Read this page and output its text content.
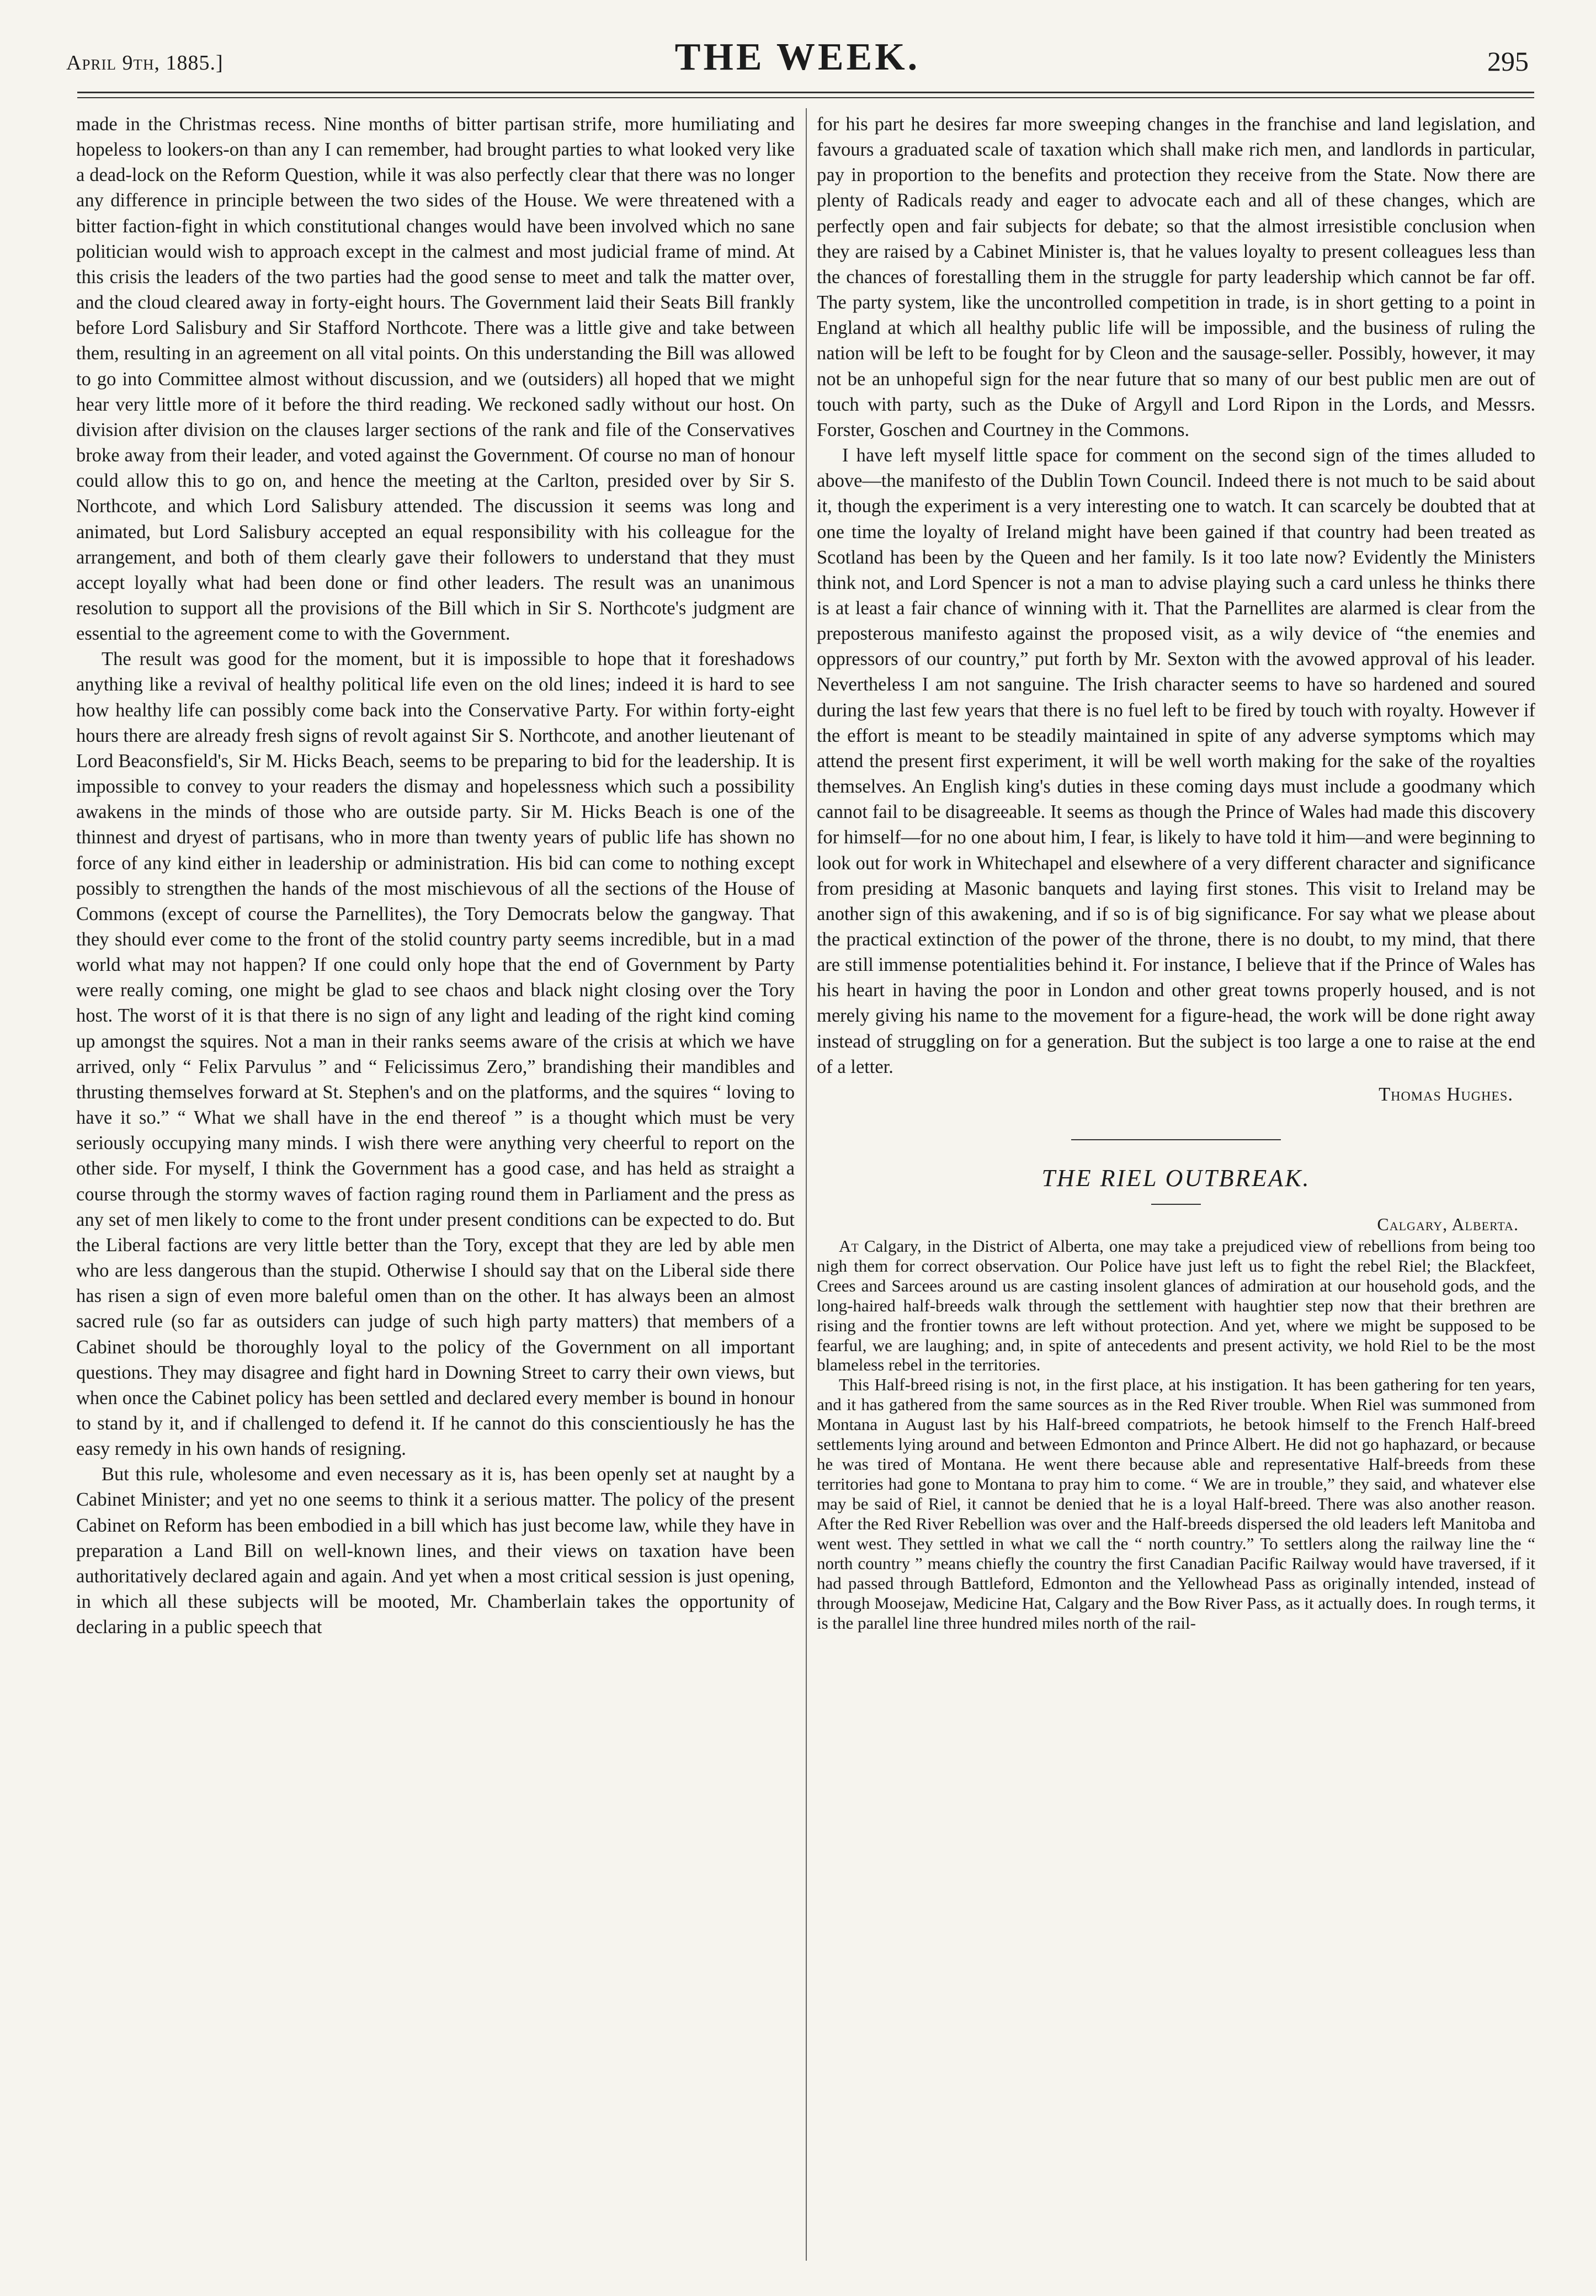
April 9th, 1885.]	THE WEEK.	295

made in the Christmas recess. Nine months of bitter partisan strife, more humiliating and hopeless to lookers-on than any I can remember, had brought parties to what looked very like a dead-lock on the Reform Question, while it was also perfectly clear that there was no longer any difference in principle between the two sides of the House. We were threatened with a bitter faction-fight in which constitutional changes would have been involved which no sane politician would wish to approach except in the calmest and most judicial frame of mind. At this crisis the leaders of the two parties had the good sense to meet and talk the matter over, and the cloud cleared away in forty-eight hours. The Government laid their Seats Bill frankly before Lord Salisbury and Sir Stafford Northcote. There was a little give and take between them, resulting in an agreement on all vital points. On this understanding the Bill was allowed to go into Committee almost without discussion, and we (outsiders) all hoped that we might hear very little more of it before the third reading. We reckoned sadly without our host. On division after division on the clauses larger sections of the rank and file of the Conservatives broke away from their leader, and voted against the Government. Of course no man of honour could allow this to go on, and hence the meeting at the Carlton, presided over by Sir S. Northcote, and which Lord Salisbury attended. The discussion it seems was long and animated, but Lord Salisbury accepted an equal responsibility with his colleague for the arrangement, and both of them clearly gave their followers to understand that they must accept loyally what had been done or find other leaders. The result was an unanimous resolution to support all the provisions of the Bill which in Sir S. Northcote's judgment are essential to the agreement come to with the Government.

The result was good for the moment, but it is impossible to hope that it foreshadows anything like a revival of healthy political life even on the old lines; indeed it is hard to see how healthy life can possibly come back into the Conservative Party. For within forty-eight hours there are already fresh signs of revolt against Sir S. Northcote, and another lieutenant of Lord Beaconsfield's, Sir M. Hicks Beach, seems to be preparing to bid for the leadership. It is impossible to convey to your readers the dismay and hopelessness which such a possibility awakens in the minds of those who are outside party. Sir M. Hicks Beach is one of the thinnest and dryest of partisans, who in more than twenty years of public life has shown no force of any kind either in leadership or administration. His bid can come to nothing except possibly to strengthen the hands of the most mischievous of all the sections of the House of Commons (except of course the Parnellites), the Tory Democrats below the gangway. That they should ever come to the front of the stolid country party seems incredible, but in a mad world what may not happen? If one could only hope that the end of Government by Party were really coming, one might be glad to see chaos and black night closing over the Tory host. The worst of it is that there is no sign of any light and leading of the right kind coming up amongst the squires. Not a man in their ranks seems aware of the crisis at which we have arrived, only “ Felix Parvulus ” and “ Felicissimus Zero,” brandishing their mandibles and thrusting themselves forward at St. Stephen's and on the platforms, and the squires “ loving to have it so.” “ What we shall have in the end thereof ” is a thought which must be very seriously occupying many minds. I wish there were anything very cheerful to report on the other side. For myself, I think the Government has a good case, and has held as straight a course through the stormy waves of faction raging round them in Parliament and the press as any set of men likely to come to the front under present conditions can be expected to do. But the Liberal factions are very little better than the Tory, except that they are led by able men who are less dangerous than the stupid. Otherwise I should say that on the Liberal side there has risen a sign of even more baleful omen than on the other. It has always been an almost sacred rule (so far as outsiders can judge of such high party matters) that members of a Cabinet should be thoroughly loyal to the policy of the Government on all important questions. They may disagree and fight hard in Downing Street to carry their own views, but when once the Cabinet policy has been settled and declared every member is bound in honour to stand by it, and if challenged to defend it. If he cannot do this conscientiously he has the easy remedy in his own hands of resigning.

But this rule, wholesome and even necessary as it is, has been openly set at naught by a Cabinet Minister; and yet no one seems to think it a serious matter. The policy of the present Cabinet on Reform has been embodied in a bill which has just become law, while they have in preparation a Land Bill on well-known lines, and their views on taxation have been authoritatively declared again and again. And yet when a most critical session is just opening, in which all these subjects will be mooted, Mr. Chamberlain takes the opportunity of declaring in a public speech that

for his part he desires far more sweeping changes in the franchise and land legislation, and favours a graduated scale of taxation which shall make rich men, and landlords in particular, pay in proportion to the benefits and protection they receive from the State. Now there are plenty of Radicals ready and eager to advocate each and all of these changes, which are perfectly open and fair subjects for debate; so that the almost irresistible conclusion when they are raised by a Cabinet Minister is, that he values loyalty to present colleagues less than the chances of forestalling them in the struggle for party leadership which cannot be far off. The party system, like the uncontrolled competition in trade, is in short getting to a point in England at which all healthy public life will be impossible, and the business of ruling the nation will be left to be fought for by Cleon and the sausage-seller. Possibly, however, it may not be an unhopeful sign for the near future that so many of our best public men are out of touch with party, such as the Duke of Argyll and Lord Ripon in the Lords, and Messrs. Forster, Goschen and Courtney in the Commons.

I have left myself little space for comment on the second sign of the times alluded to above—the manifesto of the Dublin Town Council. Indeed there is not much to be said about it, though the experiment is a very interesting one to watch. It can scarcely be doubted that at one time the loyalty of Ireland might have been gained if that country had been treated as Scotland has been by the Queen and her family. Is it too late now? Evidently the Ministers think not, and Lord Spencer is not a man to advise playing such a card unless he thinks there is at least a fair chance of winning with it. That the Parnellites are alarmed is clear from the preposterous manifesto against the proposed visit, as a wily device of “the enemies and oppressors of our country,” put forth by Mr. Sexton with the avowed approval of his leader. Nevertheless I am not sanguine. The Irish character seems to have so hardened and soured during the last few years that there is no fuel left to be fired by touch with royalty. However if the effort is meant to be steadily maintained in spite of any adverse symptoms which may attend the present first experiment, it will be well worth making for the sake of the royalties themselves. An English king's duties in these coming days must include a goodmany which cannot fail to be disagreeable. It seems as though the Prince of Wales had made this discovery for himself—for no one about him, I fear, is likely to have told it him—and were beginning to look out for work in Whitechapel and elsewhere of a very different character and significance from presiding at Masonic banquets and laying first stones. This visit to Ireland may be another sign of this awakening, and if so is of big significance. For say what we please about the practical extinction of the power of the throne, there is no doubt, to my mind, that there are still immense potentialities behind it. For instance, I believe that if the Prince of Wales has his heart in having the poor in London and other great towns properly housed, and is not merely giving his name to the movement for a figure-head, the work will be done right away instead of struggling on for a generation. But the subject is too large a one to raise at the end of a letter.

Thomas Hughes.
THE RIEL OUTBREAK.
Calgary, Alberta.

At Calgary, in the District of Alberta, one may take a prejudiced view of rebellions from being too nigh them for correct observation. Our Police have just left us to fight the rebel Riel; the Blackfeet, Crees and Sarcees around us are casting insolent glances of admiration at our household gods, and the long-haired half-breeds walk through the settlement with haughtier step now that their brethren are rising and the frontier towns are left without protection. And yet, where we might be supposed to be fearful, we are laughing; and, in spite of antecedents and present activity, we hold Riel to be the most blameless rebel in the territories.

This Half-breed rising is not, in the first place, at his instigation. It has been gathering for ten years, and it has gathered from the same sources as in the Red River trouble. When Riel was summoned from Montana in August last by his Half-breed compatriots, he betook himself to the French Half-breed settlements lying around and between Edmonton and Prince Albert. He did not go haphazard, or because he was tired of Montana. He went there because able and representative Half-breeds from these territories had gone to Montana to pray him to come. “ We are in trouble,” they said, and whatever else may be said of Riel, it cannot be denied that he is a loyal Half-breed. There was also another reason. After the Red River Rebellion was over and the Half-breeds dispersed the old leaders left Manitoba and went west. They settled in what we call the “ north country.” To settlers along the railway line the “ north country ” means chiefly the country the first Canadian Pacific Railway would have traversed, if it had passed through Battleford, Edmonton and the Yellowhead Pass as originally intended, instead of through Moosejaw, Medicine Hat, Calgary and the Bow River Pass, as it actually does. In rough terms, it is the parallel line three hundred miles north of the rail-
